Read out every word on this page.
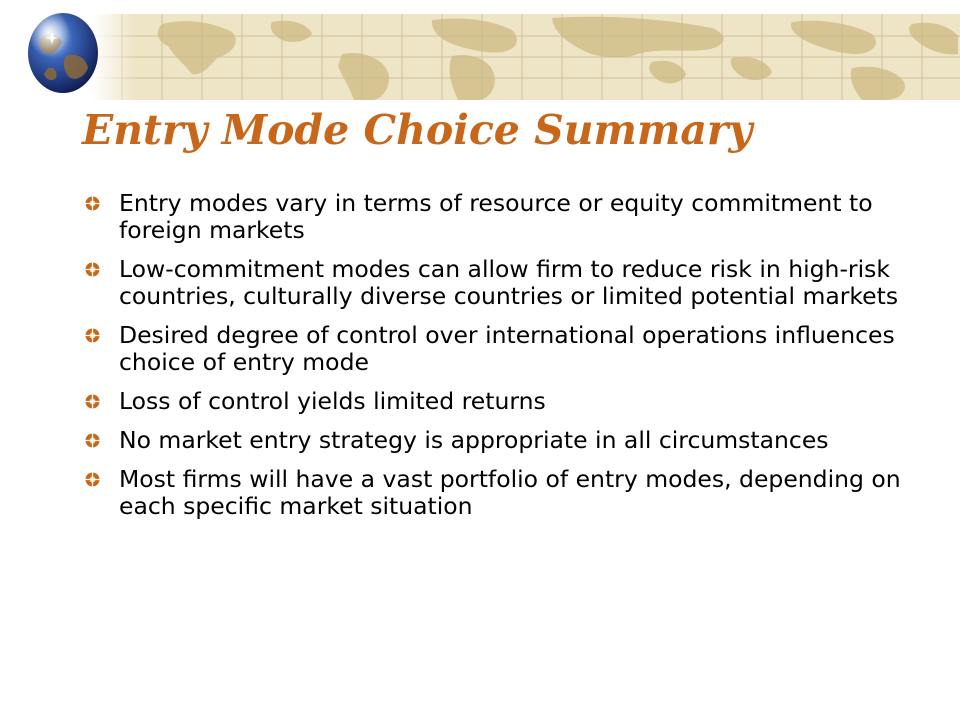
Entry Mode Choice Summary
Entry modes vary in terms of resource or equity commitment to foreign markets
Low-commitment modes can allow firm to reduce risk in high-risk countries, culturally diverse countries or limited potential markets
Desired degree of control over international operations influences choice of entry mode
Loss of control yields limited returns
No market entry strategy is appropriate in all circumstances
Most firms will have a vast portfolio of entry modes, depending on each specific market situation
